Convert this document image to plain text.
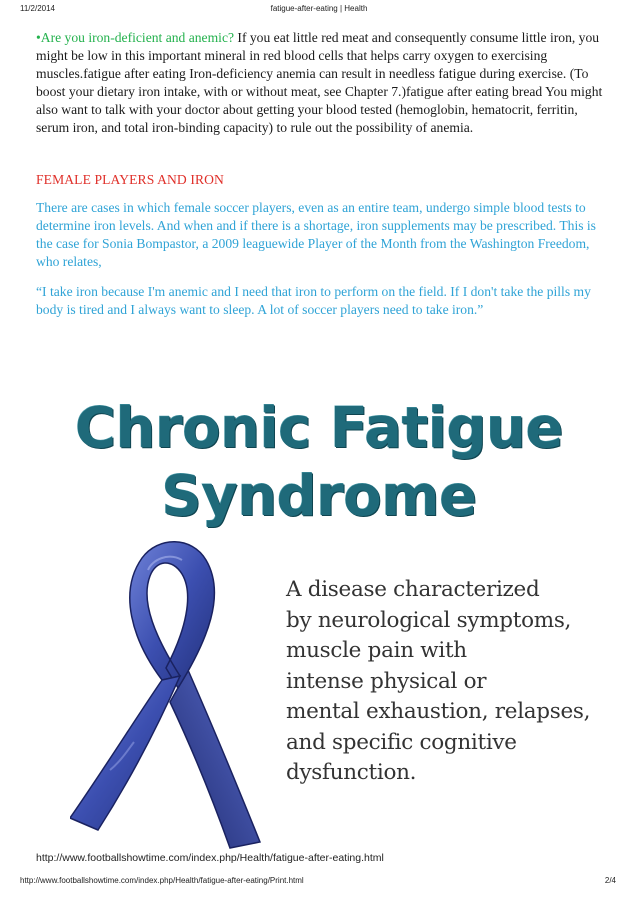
11/2/2014	fatigue-after-eating | Health
•Are you iron-deficient and anemic? If you eat little red meat and consequently consume little iron, you might be low in this important mineral in red blood cells that helps carry oxygen to exercising muscles.fatigue after eating Iron-deficiency anemia can result in needless fatigue during exercise. (To boost your dietary iron intake, with or without meat, see Chapter 7.)fatigue after eating bread You might also want to talk with your doctor about getting your blood tested (hemoglobin, hematocrit, ferritin, serum iron, and total iron-binding capacity) to rule out the possibility of anemia.
FEMALE PLAYERS AND IRON
There are cases in which female soccer players, even as an entire team, undergo simple blood tests to determine iron levels. And when and if there is a shortage, iron supplements may be prescribed. This is the case for Sonia Bompastor, a 2009 leaguewide Player of the Month from the Washington Freedom, who relates,
“I take iron because I'm anemic and I need that iron to perform on the field. If I don't take the pills my body is tired and I always want to sleep. A lot of soccer players need to take iron.”
Chronic Fatigue
Syndrome
A disease characterized
by neurological symptoms,
muscle pain with
intense physical or
mental exhaustion, relapses,
and specific cognitive
dysfunction.
http://www.footballshowtime.com/index.php/Health/fatigue-after-eating.html
http://www.footballshowtime.com/index.php/Health/fatigue-after-eating/Print.html	2/4
